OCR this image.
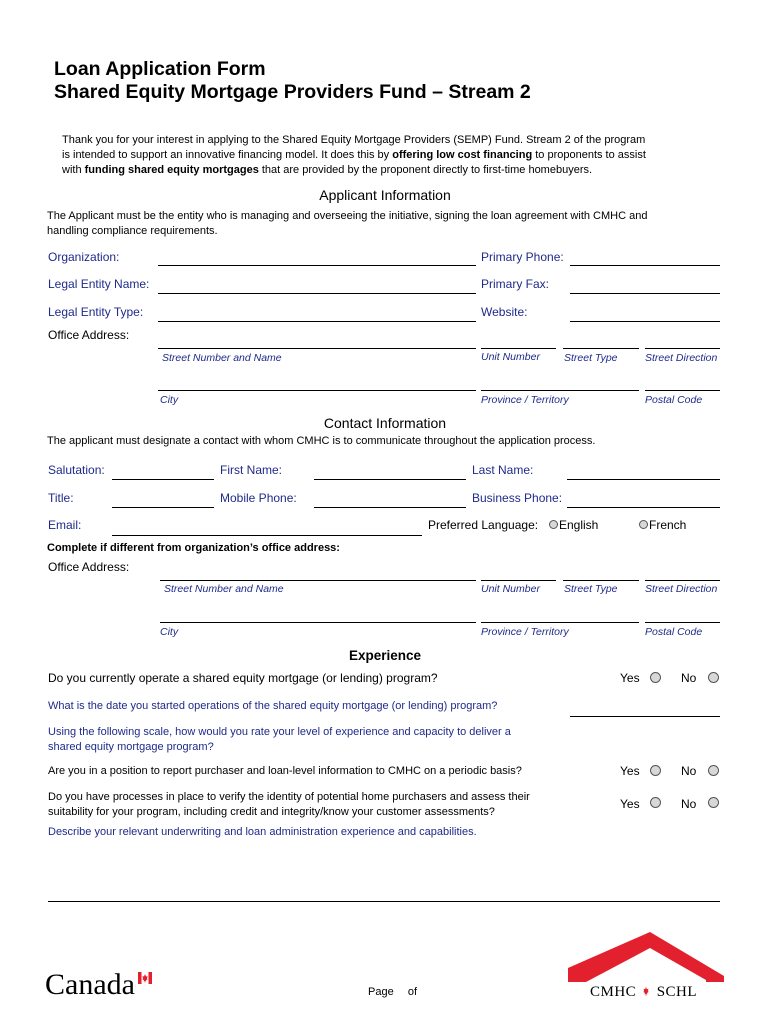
Loan Application Form
Shared Equity Mortgage Providers Fund – Stream 2
Thank you for your interest in applying to the Shared Equity Mortgage Providers (SEMP) Fund. Stream 2 of the program
is intended to support an innovative financing model. It does this by offering low cost financing to proponents to assist
with funding shared equity mortgages that are provided by the proponent directly to first-time homebuyers.
Applicant Information
The Applicant must be the entity who is managing and overseeing the initiative, signing the loan agreement with CMHC and
handling compliance requirements.
Organization:	Primary Phone:
Legal Entity Name:	Primary Fax:
Legal Entity Type:	Website:
Office Address:
Street Number and Name	Unit Number Street Type	Street Direction
City	Province / Territory	Postal Code
Contact Information
The applicant must designate a contact with whom CMHC is to communicate throughout the application process.
Salutation:	First Name:	Last Name:
Title:	Mobile Phone:	Business Phone:
Email:	Preferred Language: English	French
Complete if different from organization’s office address:
Office Address:
Street Number and Name	Unit Number Street Type	Street Direction
City	Province / Territory	Postal Code
Experience
Do you currently operate a shared equity mortgage (or lending) program?	Yes	No
What is the date you started operations of the shared equity mortgage (or lending) program?
Using the following scale, how would you rate your level of experience and capacity to deliver a
shared equity mortgage program?
Are you in a position to report purchaser and loan-level information to CMHC on a periodic basis?	Yes	No
Do you have processes in place to verify the identity of potential home purchasers and assess their
suitability for your program, including credit and integrity/know your customer assessments?
Yes	No
Describe your relevant underwriting and loan administration experience and capabilities.
Canada	Page of	CMHC SCHL
